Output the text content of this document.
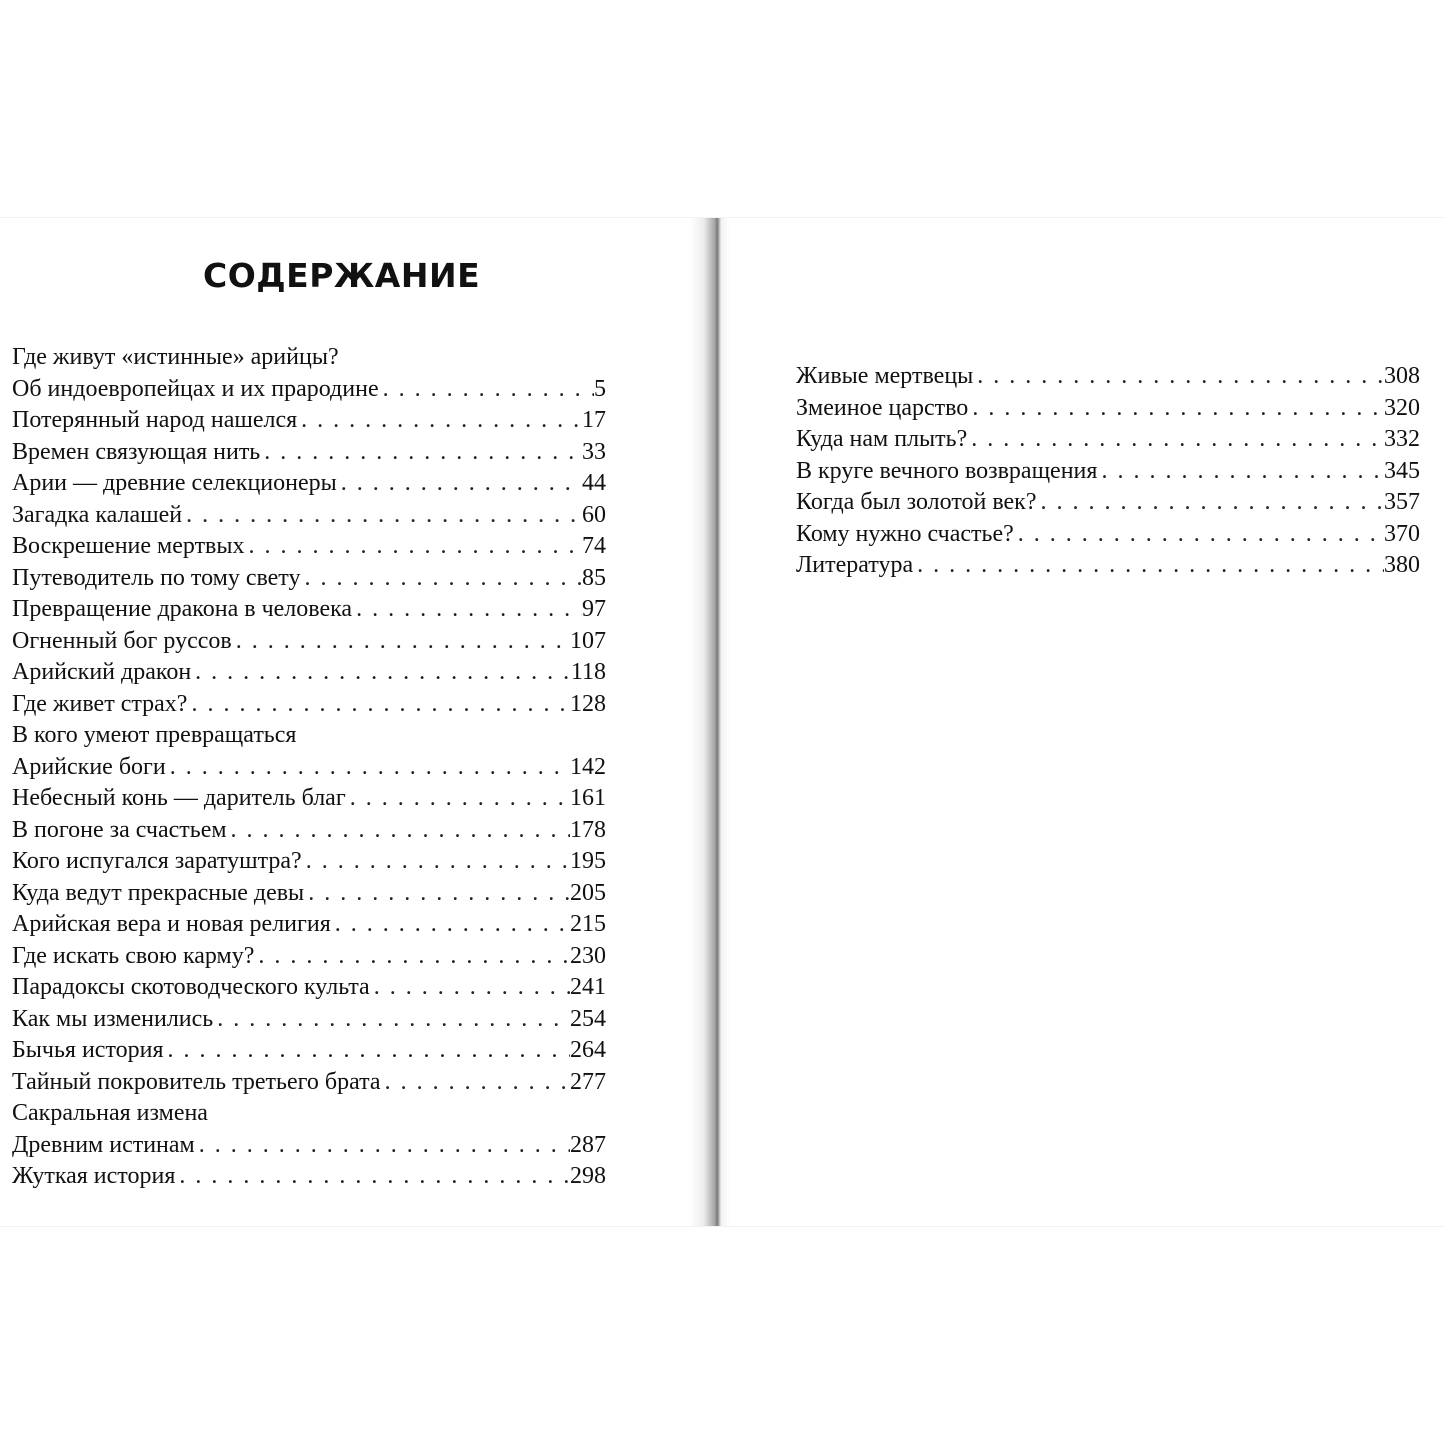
СОДЕРЖАНИЕ
Где живут «истинные» арийцы?
Об индоевропейцах и их прародине . . .	5
Потерянный народ нашелся . . .	17
Времен связующая нить . . .	33
Арии — древние селекционеры . . .	44
Загадка калашей . . .	60
Воскрешение мертвых . . .	74
Путеводитель по тому свету . . .	85
Превращение дракона в человека . . .	97
Огненный бог руссов . . .	107
Арийский дракон . . .	118
Где живет страх? . . .	128
В кого умеют превращаться
Арийские боги . . .	142
Небесный конь — даритель благ . . .	161
В погоне за счастьем . . .	178
Кого испугался заратуштра? . . .	195
Куда ведут прекрасные девы . . .	205
Арийская вера и новая религия . . .	215
Где искать свою карму? . . .	230
Парадоксы скотоводческого культа . . .	241
Как мы изменились . . .	254
Бычья история . . .	264
Тайный покровитель третьего брата . . .	277
Сакральная измена
Древним истинам . . .	287
Жуткая история . . .	298
Живые мертвецы . . .	308
Змеиное царство . . .	320
Куда нам плыть? . . .	332
В круге вечного возвращения . . .	345
Когда был золотой век? . . .	357
Кому нужно счастье? . . .	370
Литература . . .	380
